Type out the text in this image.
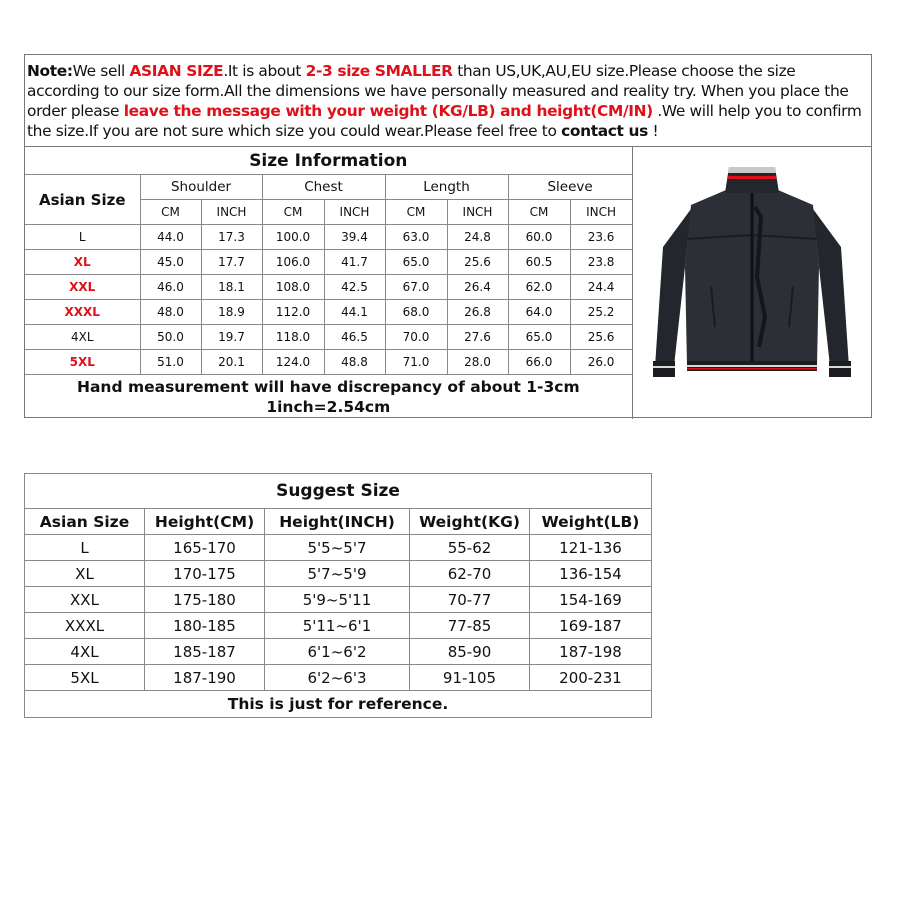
Note:We sell ASIAN SIZE.It is about 2-3 size SMALLER than US,UK,AU,EU size.Please choose the size according to our size form.All the dimensions we have personally measured and reality try. When you place the order please leave the message with your weight (KG/LB) and height(CM/IN) .We will help you to confirm the size.If you are not sure which size you could wear.Please feel free to contact us !
Size Information								
Asian Size	Shoulder		Chest		Length		Sleeve	
	CM	INCH	CM	INCH	CM	INCH	CM	INCH
L	44.0	17.3	100.0	39.4	63.0	24.8	60.0	23.6
XL	45.0	17.7	106.0	41.7	65.0	25.6	60.5	23.8
XXL	46.0	18.1	108.0	42.5	67.0	26.4	62.0	24.4
XXXL	48.0	18.9	112.0	44.1	68.0	26.8	64.0	25.2
4XL	50.0	19.7	118.0	46.5	70.0	27.6	65.0	25.6
5XL	51.0	20.1	124.0	48.8	71.0	28.0	66.0	26.0

Hand measurement will have discrepancy of about 1-3cm
1inch=2.54cm								
Suggest Size				
Asian Size	Height(CM)	Height(INCH)	Weight(KG)	Weight(LB)
L	165-170	5'5~5'7	55-62	121-136
XL	170-175	5'7~5'9	62-70	136-154
XXL	175-180	5'9~5'11	70-77	154-169
XXXL	180-185	5'11~6'1	77-85	169-187
4XL	185-187	6'1~6'2	85-90	187-198
5XL	187-190	6'2~6'3	91-105	200-231
This is just for reference.				
